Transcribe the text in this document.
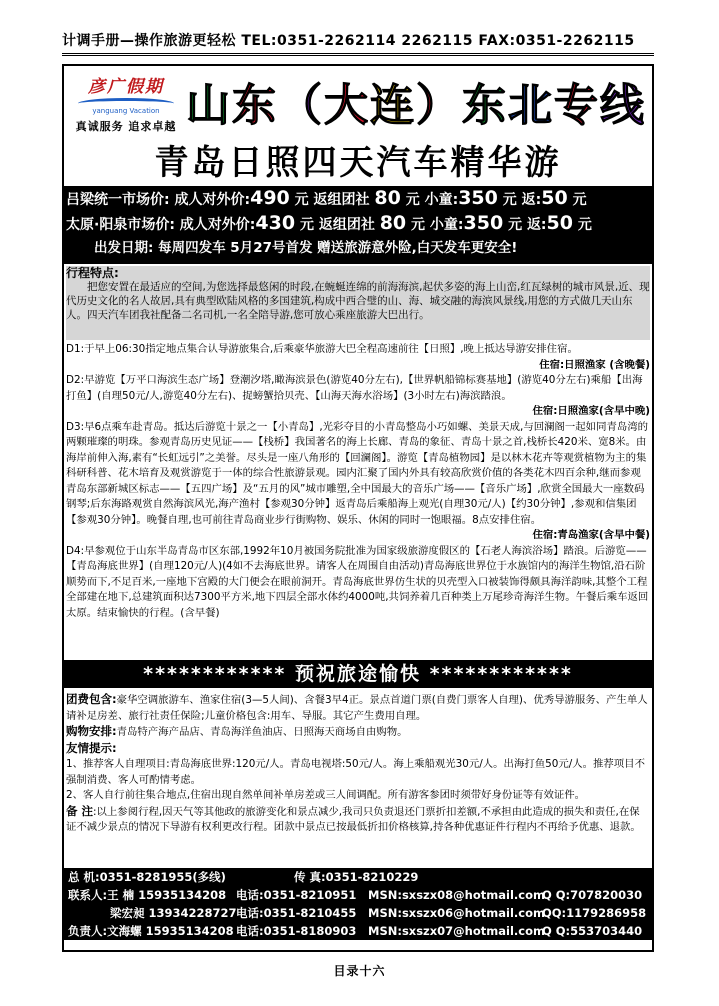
计调手册—操作旅游更轻松 TEL:0351-2262114 2262115 FAX:0351-2262115
彦广假期
yanguang Vacation
真诚服务 追求卓越 山 东 （ 大 连 ） 东 北 专 线
青岛日照四天汽车精华游
吕梁统一市场价: 成人对外价:490 元 返组团社 80 元 小童:350 元 返:50 元
太原·阳泉市场价: 成人对外价:430 元 返组团社 80 元 小童:350 元 返:50 元
出发日期: 每周四发车 5月27号首发 赠送旅游意外险,白天发车更安全!
行程特点:
把您安置在最适应的空间,为您选择最悠闲的时段,在蜿蜒连绵的前海海滨,起伏多姿的海上山峦,红瓦绿树的城市风景,近、现代历史文化的名人故居,具有典型欧陆风格的多国建筑,构成中西合璧的山、海、城交融的海滨风景线,用您的方式做几天山东人。四天汽车团我社配备二名司机,一名全陪导游,您可放心乘座旅游大巴出行。
D1:于早上06:30指定地点集合认导游旅集合,后乘豪华旅游大巴全程高速前往【日照】,晚上抵达导游安排住宿。
住宿:日照渔家 (含晚餐)
D2:早游览【万平口海滨生态广场】登潮汐塔,瞰海滨景色(游览40分左右),【世界帆船锦标赛基地】(游览40分左右)乘船【出海打鱼】(自理50元/人,游览40分左右)、捉螃蟹拾贝壳、【山海天海水浴场】(3小时左右)海滨踏浪。
住宿:日照渔家(含早中晚)
D3:早6点乘车赴青岛。抵达后游览十景之一【小青岛】,光彩夺目的小青岛整岛小巧如螺、美景天成,与回澜阁一起如同青岛湾的两颗璀璨的明珠。参观青岛历史见证——【栈桥】我国著名的海上长廊、青岛的象征、青岛十景之首,栈桥长420米、宽8米。由海岸前伸入海,素有“长虹远引”之美誉。尽头是一座八角形的【回澜阁】。游览【青岛植物园】是以林木花卉等观赏植物为主的集科研科普、花木培育及观赏游览于一体的综合性旅游景观。园内汇聚了国内外具有较高欣赏价值的各类花木四百余种,继而参观青岛东部新城区标志——【五四广场】及“五月的风”城市雕塑,全中国最大的音乐广场——【音乐广场】,欣赏全国最大一座数码钢琴;后东海路观赏自然海滨风光,海产渔村【参观30分钟】返青岛后乘船海上观光(自理30元/人)【约30分钟】,参观和信集团【参观30分钟】。晚餐自理,也可前往青岛商业步行街购物、娱乐、休闲的同时一饱眼福。8点安排住宿。
住宿:青岛渔家(含早中餐)
D4:早参观位于山东半岛青岛市区东部,1992年10月被国务院批准为国家级旅游度假区的【石老人海滨浴场】踏浪。后游览——【青岛海底世界】(自理120元/人)(4如不去海底世界。请客人在周围自由活动)青岛海底世界位于水族馆内的海洋生物馆,沿石阶顺势而下,不足百米,一座地下宫殿的大门便会在眼前洞开。青岛海底世界仿生状的贝壳型入口被装饰得颇具海洋韵味,其整个工程全部建在地下,总建筑面积达7300平方米,地下四层全部水体约4000吨,共饲养着几百种类上万尾珍奇海洋生物。午餐后乘车返回太原。结束愉快的行程。(含早餐)
************ 预祝旅途愉快 ************
团费包含:豪华空调旅游车、渔家住宿(3—5人间)、含餐3早4正。景点首道门票(自费门票客人自理)、优秀导游服务、产生单人请补足房差、旅行社责任保险;儿童价格包含:用车、导服。其它产生费用自理。
购物安排:青岛特产海产品店、青岛海洋鱼油店、日照海天商场自由购物。
友情提示:
1、推荐客人自理项目:青岛海底世界:120元/人。青岛电视塔:50元/人。海上乘船观光30元/人。出海打鱼50元/人。推荐项目不强制消费、客人可酌情考虑。
2、客人自行前往集合地点,住宿出现自然单间补单房差或三人间调配。所有游客参团时须带好身份证等有效证件。
备 注:以上参阅行程,因天气等其他政的旅游变化和景点减少,我司只负责退还门票折扣差额,不承担由此造成的损失和责任,在保证不减少景点的情况下导游有权利更改行程。团款中景点已按最低折扣价格核算,持各种优惠证件行程内不再给予优惠、退款。
总 机:0351-8281955(多线)	传 真:0351-8210229
联系人:王 楠 15935134208 电话:0351-8210951 MSN:sxszx08@hotmail.com
Q Q:707820030
梁宏昶 13934228727 电话:0351-8210455 MSN:sxszx06@hotmail.com
QQ:1179286958
负责人:文海螺 15935134208 电话:0351-8180903 MSN:sxszx07@hotmail.com
Q Q:553703440
目录十六
